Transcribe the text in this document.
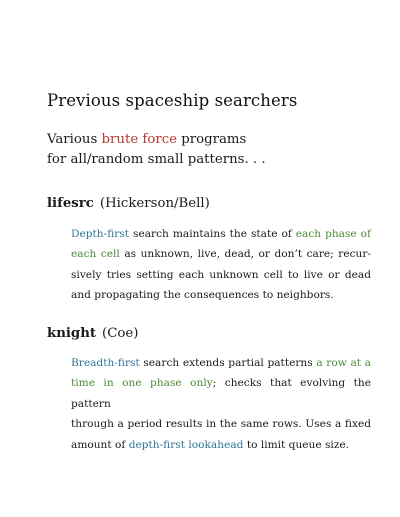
Previous spaceship searchers
Various brute force programs
for all/random small patterns. . .
lifesrc (Hickerson/Bell)
Depth-first search maintains the state of each phase of
each cell as unknown, live, dead, or don’t care; recur-
sively tries setting each unknown cell to live or dead
and propagating the consequences to neighbors.
knight (Coe)
Breadth-first search extends partial patterns a row at a
time in one phase only; checks that evolving the pattern
through a period results in the same rows. Uses a fixed
amount of depth-first lookahead to limit queue size.
